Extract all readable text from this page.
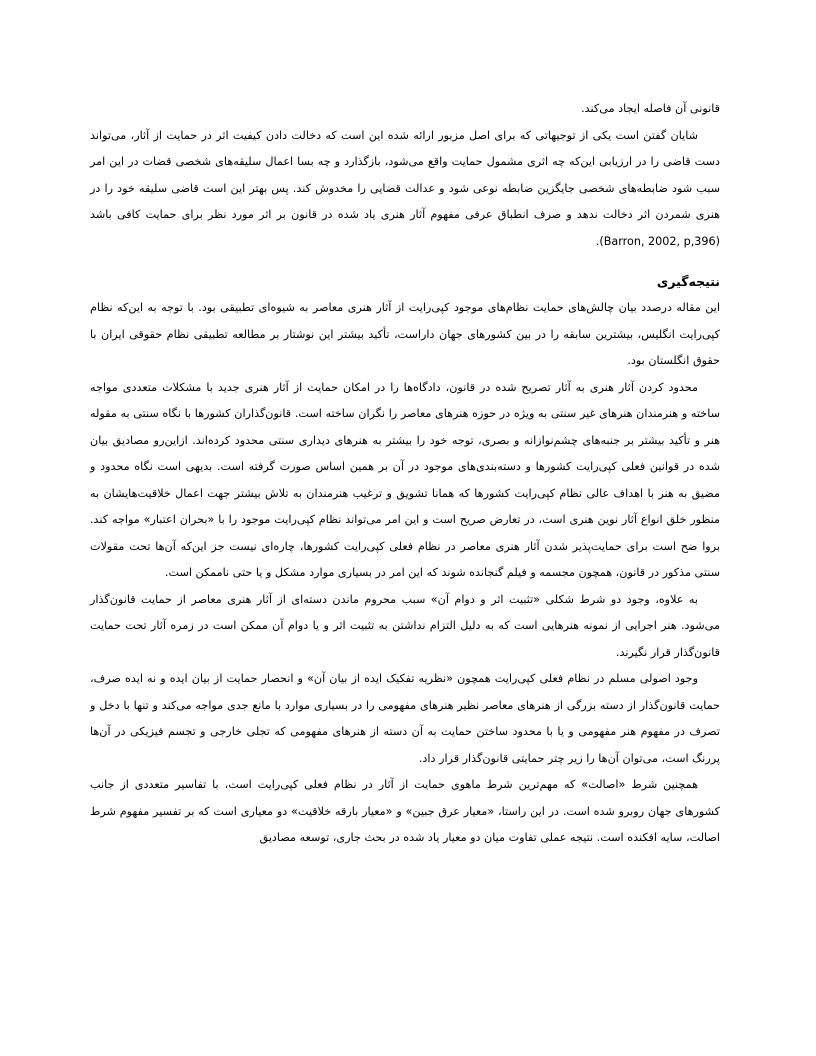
قانونی آن فاصله ایجاد می‌کند.

شایان گفتن است یکی از توجیهاتی که برای اصل مزبور ارائه شده این است که دخالت دادن کیفیت اثر در حمایت از آثار، می‌تواند دست قاضی را در ارزیابی این‌که چه اثری مشمول حمایت واقع می‌شود، بازگذارد و چه بسا اعمال سلیقه‌های شخصی قضات در این امر سبب شود ضابطه‌های شخصی جایگزین ضابطه نوعی شود و عدالت قضایی را مخدوش کند. پس بهتر این است قاضی سلیقه خود را در هنری شمردن اثر دخالت ندهد و صرف انطباق عرفی مفهوم آثار هنری یاد شده در قانون بر اثر مورد نظر برای حمایت کافی باشد (Barron, 2002, p,396).

نتیجه‌گیری

این مقاله درصدد بیان چالش‌های حمایت نظام‌های موجود کپی‌رایت از آثار هنری معاصر به شیوه‌ای تطبیقی بود. با توجه به این‌که نظام کپی‌رایت انگلیس، بیشترین سابقه را در بین کشورهای جهان داراست، تأکید بیشتر این نوشتار بر مطالعه تطبیقی نظام حقوقی ایران با حقوق انگلستان بود.

محدود کردن آثار هنری به آثار تصریح شده در قانون، دادگاه‌ها را در امکان حمایت از آثار هنری جدید با مشکلات متعددی مواجه ساخته و هنرمندان هنرهای غیر سنتی به ویژه در حوزه هنرهای معاصر را نگران ساخته است. قانون‌گذاران کشورها با نگاه سنتی به مقوله هنر و تأکید بیشتر بر جنبه‌های چشم‌نوازانه و بصری، توجه خود را بیشتر به هنرهای دیداری سنتی محدود کرده‌اند. ازاین‌رو مصادیق بیان شده در قوانین فعلی کپی‌رایت کشورها و دسته‌بندی‌های موجود در آن بر همین اساس صورت گرفته است. بدیهی است نگاه محدود و مضیق به هنر با اهداف عالی نظام کپی‌رایت کشورها که همانا تشویق و ترغیب هنرمندان به تلاش بیشتر جهت اعمال خلاقیت‌هایشان به منظور خلق انواع آثار نوین هنری است، در تعارض صریح است و این امر می‌تواند نظام کپی‌رایت موجود را با «بحران اعتبار» مواجه کند. بروا ضح است برای حمایت‌پذیر شدن آثار هنری معاصر در نظام فعلی کپی‌رایت کشورها، چاره‌ای نیست جز این‌که آن‌ها تحت مقولات سنتی مذکور در قانون، همچون مجسمه و فیلم گنجانده شوند که این امر در بسیاری موارد مشکل و یا حتی ناممکن است.

به علاوه، وجود دو شرط شکلی «تثبیت اثر و دوام آن» سبب محروم ماندن دسته‌ای از آثار هنری معاصر از حمایت قانون‌گذار می‌شود. هنر اجرایی از نمونه هنرهایی است که به دلیل التزام نداشتن به تثبیت اثر و یا دوام آن ممکن است در زمره آثار تحت حمایت قانون‌گذار قرار نگیرند.

وجود اصولی مسلم در نظام فعلی کپی‌رایت همچون «نظریه تفکیک ایده از بیان آن» و انحصار حمایت از بیان ایده و نه ایده صرف، حمایت قانون‌گذار از دسته بزرگی از هنرهای معاصر نظیر هنرهای مفهومی را در بسیاری موارد با مانع جدی مواجه می‌کند و تنها با دخل و تصرف در مفهوم هنر مفهومی و یا با محدود ساختن حمایت به آن دسته از هنرهای مفهومی که تجلی خارجی و تجسم فیزیکی در آن‌ها پررنگ است، می‌توان آن‌ها را زیر چتر حمایتی قانون‌گذار قرار داد.

همچنین شرط «اصالت» که مهم‌ترین شرط ماهوی حمایت از آثار در نظام فعلی کپی‌رایت است، با تفاسیر متعددی از جانب کشورهای جهان روبرو شده است. در این راستا، «معیار عرق جبین» و «معیار بارقه خلاقیت» دو معیاری است که بر تفسیر مفهوم شرط اصالت، سایه افکنده است. نتیجه عملی تفاوت میان دو معیار یاد شده در بحث جاری، توسعه مصادیق
